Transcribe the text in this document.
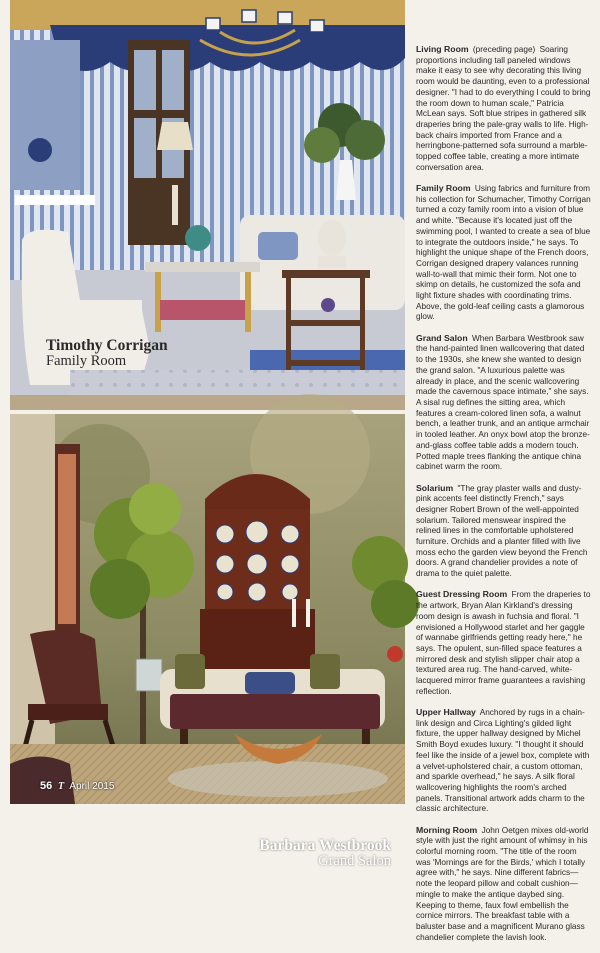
Timothy Corrigan
Family Room
Barbara Westbrook
Grand Salon
56 T April 2015

Living Room (preceding page) Soaring proportions including tall paneled windows make it easy to see why decorating this living room would be daunting, even to a professional designer. "I had to do everything I could to bring the room down to human scale," Patricia McLean says. Soft blue stripes in gathered silk draperies bring the pale-gray walls to life. High-back chairs imported from France and a herringbone-patterned sofa surround a marble-topped coffee table, creating a more intimate conversation area.

Family Room Using fabrics and furniture from his collection for Schumacher, Timothy Corrigan turned a cozy family room into a vision of blue and white. "Because it's located just off the swimming pool, I wanted to create a sea of blue to integrate the outdoors inside," he says. To highlight the unique shape of the French doors, Corrigan designed drapery valances running wall-to-wall that mimic their form. Not one to skimp on details, he customized the sofa and light fixture shades with coordinating trims. Above, the gold-leaf ceiling casts a glamorous glow.

Grand Salon When Barbara Westbrook saw the hand-painted linen wallcovering that dated to the 1930s, she knew she wanted to design the grand salon. "A luxurious palette was already in place, and the scenic wallcovering made the cavernous space intimate," she says. A sisal rug defines the sitting area, which features a cream-colored linen sofa, a walnut bench, a leather trunk, and an antique armchair in tooled leather. An onyx bowl atop the bronze-and-glass coffee table adds a modern touch. Potted maple trees flanking the antique china cabinet warm the room.

Solarium "The gray plaster walls and dusty-pink accents feel distinctly French," says designer Robert Brown of the well-appointed solarium. Tailored menswear inspired the relined lines in the comfortable upholstered furniture. Orchids and a planter filled with live moss echo the garden view beyond the French doors. A grand chandelier provides a note of drama to the quiet palette.

Guest Dressing Room From the draperies to the artwork, Bryan Alan Kirkland's dressing room design is awash in fuchsia and floral. "I envisioned a Hollywood starlet and her gaggle of wannabe girlfriends getting ready here," he says. The opulent, sun-filled space features a mirrored desk and stylish slipper chair atop a textured area rug. The hand-carved, white-lacquered mirror frame guarantees a ravishing reflection.

Upper Hallway Anchored by rugs in a chain-link design and Circa Lighting's gilded light fixture, the upper hallway designed by Michel Smith Boyd exudes luxury. "I thought it should feel like the inside of a jewel box, complete with a velvet-upholstered chair, a custom ottoman, and sparkle overhead," he says. A silk floral wallcovering highlights the room's arched panels. Transitional artwork adds charm to the classic architecture.

Morning Room John Oetgen mixes old-world style with just the right amount of whimsy in his colorful morning room. "The title of the room was 'Mornings are for the Birds,' which I totally agree with," he says. Nine different fabrics—note the leopard pillow and cobalt cushion—mingle to make the antique daybed sing. Keeping to theme, faux fowl embellish the cornice mirrors. The breakfast table with a baluster base and a magnificent Murano glass chandelier complete the lavish look.
